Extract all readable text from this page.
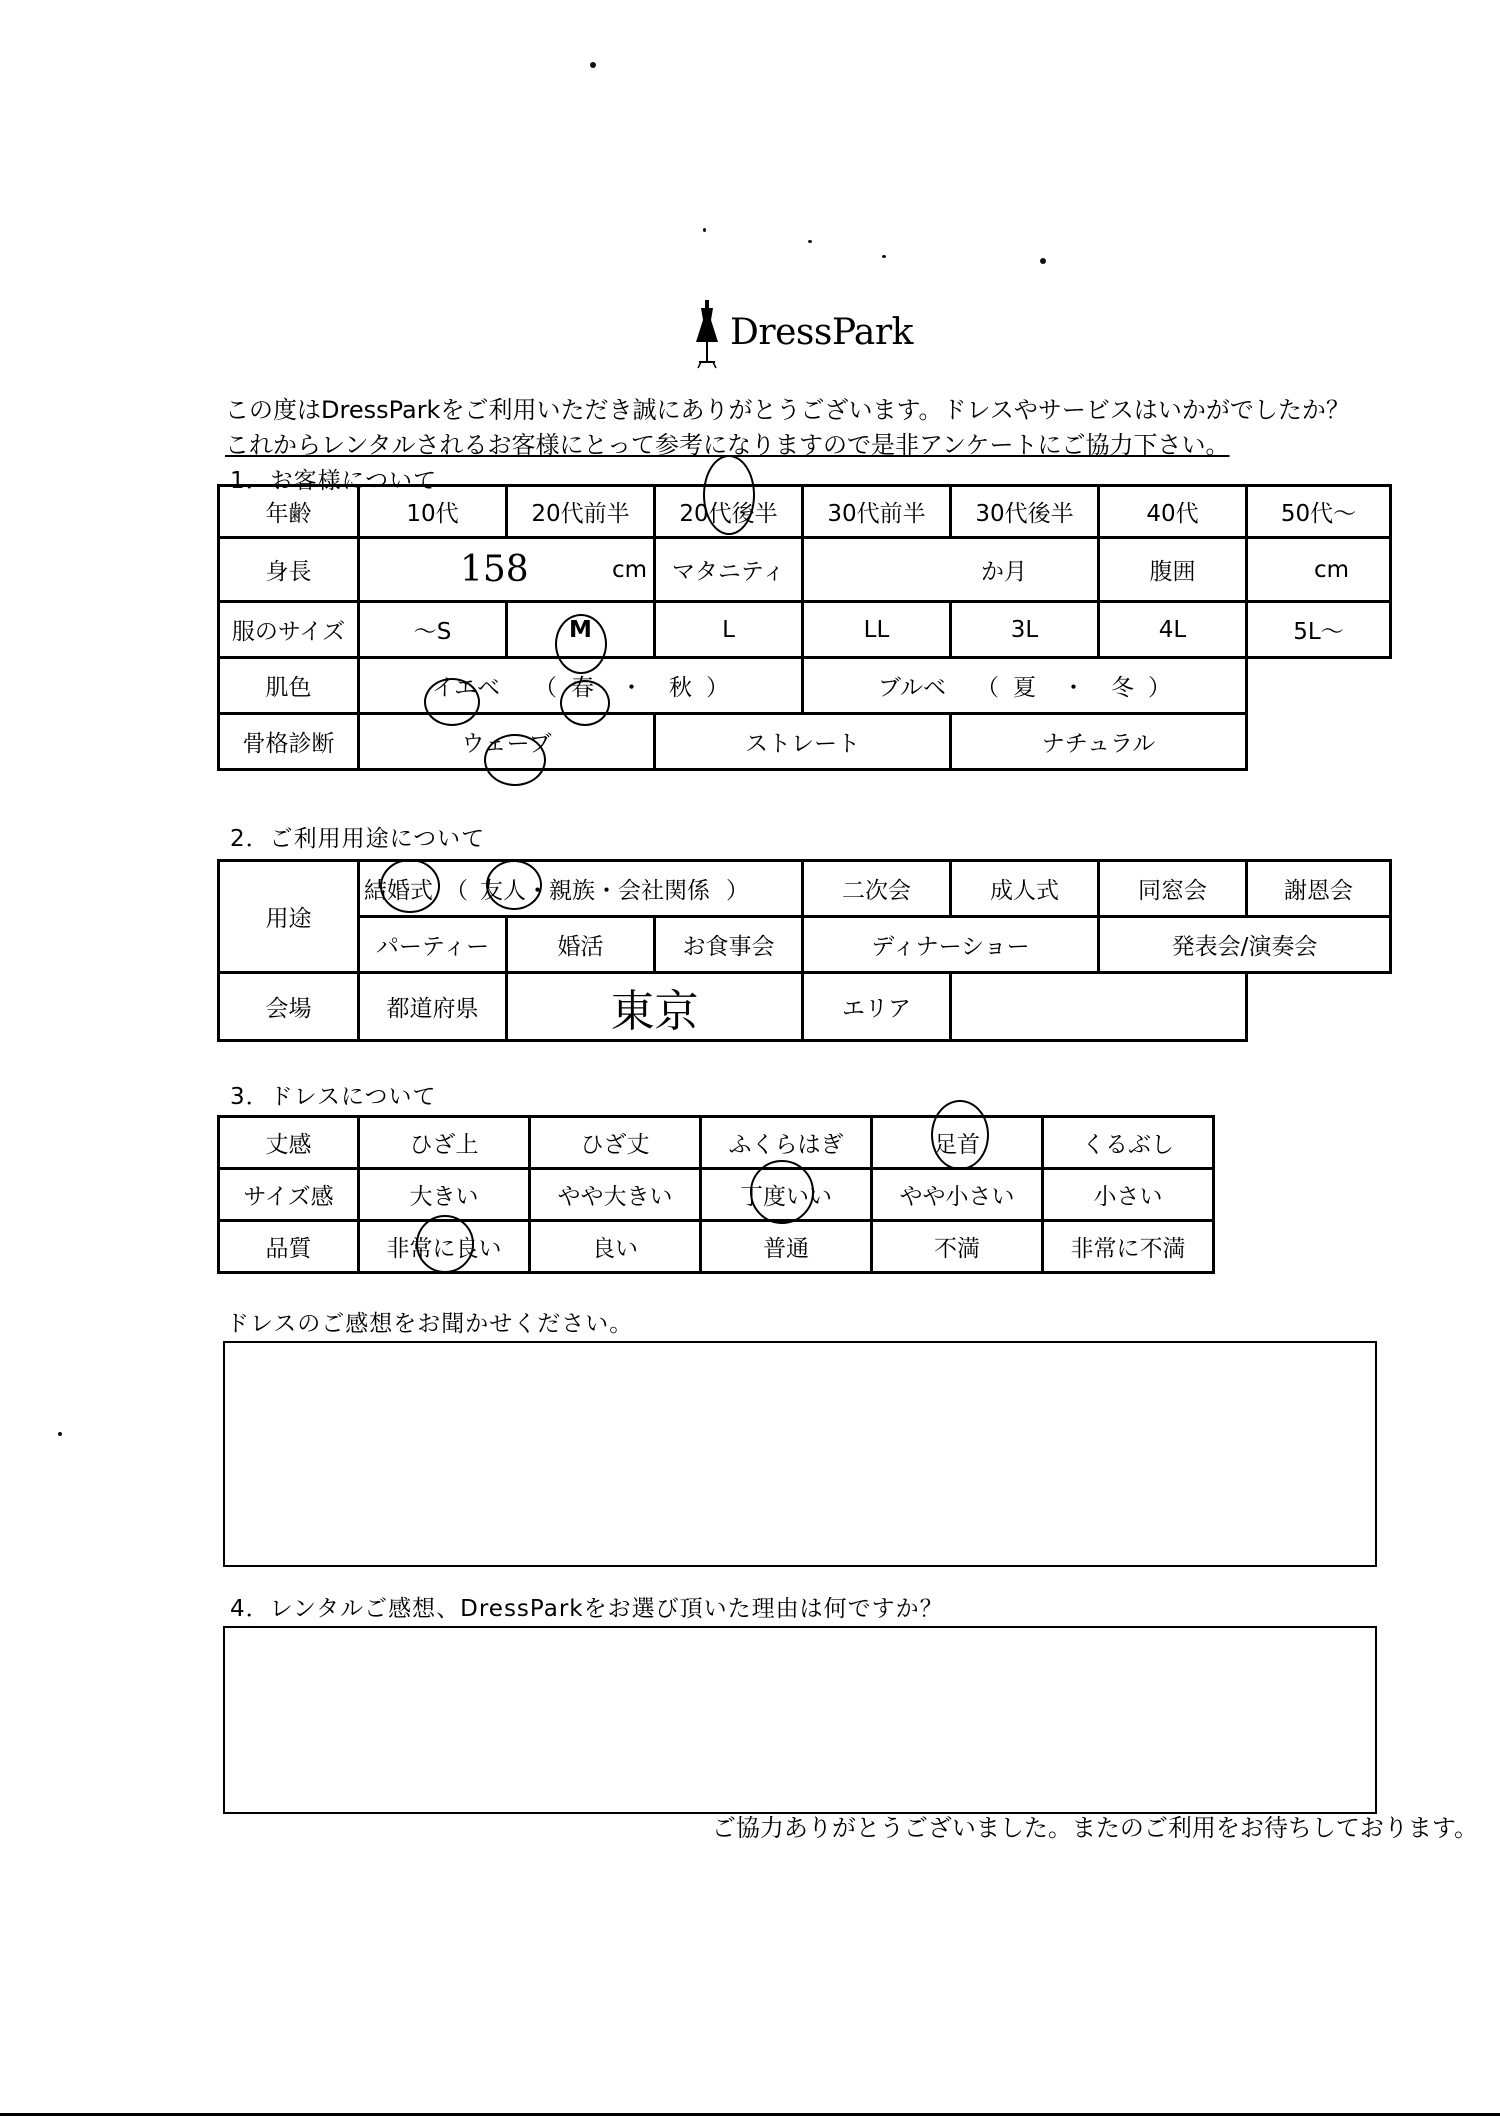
DressPark
この度はDressParkをご利用いただき誠にありがとうございます。ドレスやサービスはいかがでしたか？
これからレンタルされるお客様にとって参考になりますので是非アンケートにご協力下さい。
1．お客様について
年齢	10代	20代前半	20代後半	30代前半	30代後半	40代	50代～
身長	158 cm		マタニティ	か月		腹囲	cm
服のサイズ	～S	M	L	LL	3L	4L	5L～
肌色	イエベ （ 春 ・ 秋 ）			ブルベ （ 夏 ・ 冬 ）			
骨格診断	ウェーブ		ストレート		ナチュラル		
2．ご利用用途について
用途	結婚式 （ 友人・親族・会社関係 ）			二次会	成人式	同窓会	謝恩会
	パーティー	婚活	お食事会	ディナーショー		発表会/演奏会	
会場	都道府県	東京		エリア			
3．ドレスについて
丈感	ひざ上	ひざ丈	ふくらはぎ	足首	くるぶし
サイズ感	大きい	やや大きい	丁度いい	やや小さい	小さい
品質	非常に良い	良い	普通	不満	非常に不満
ドレスのご感想をお聞かせください。
4．レンタルご感想、DressParkをお選び頂いた理由は何ですか？
ご協力ありがとうございました。またのご利用をお待ちしております。
